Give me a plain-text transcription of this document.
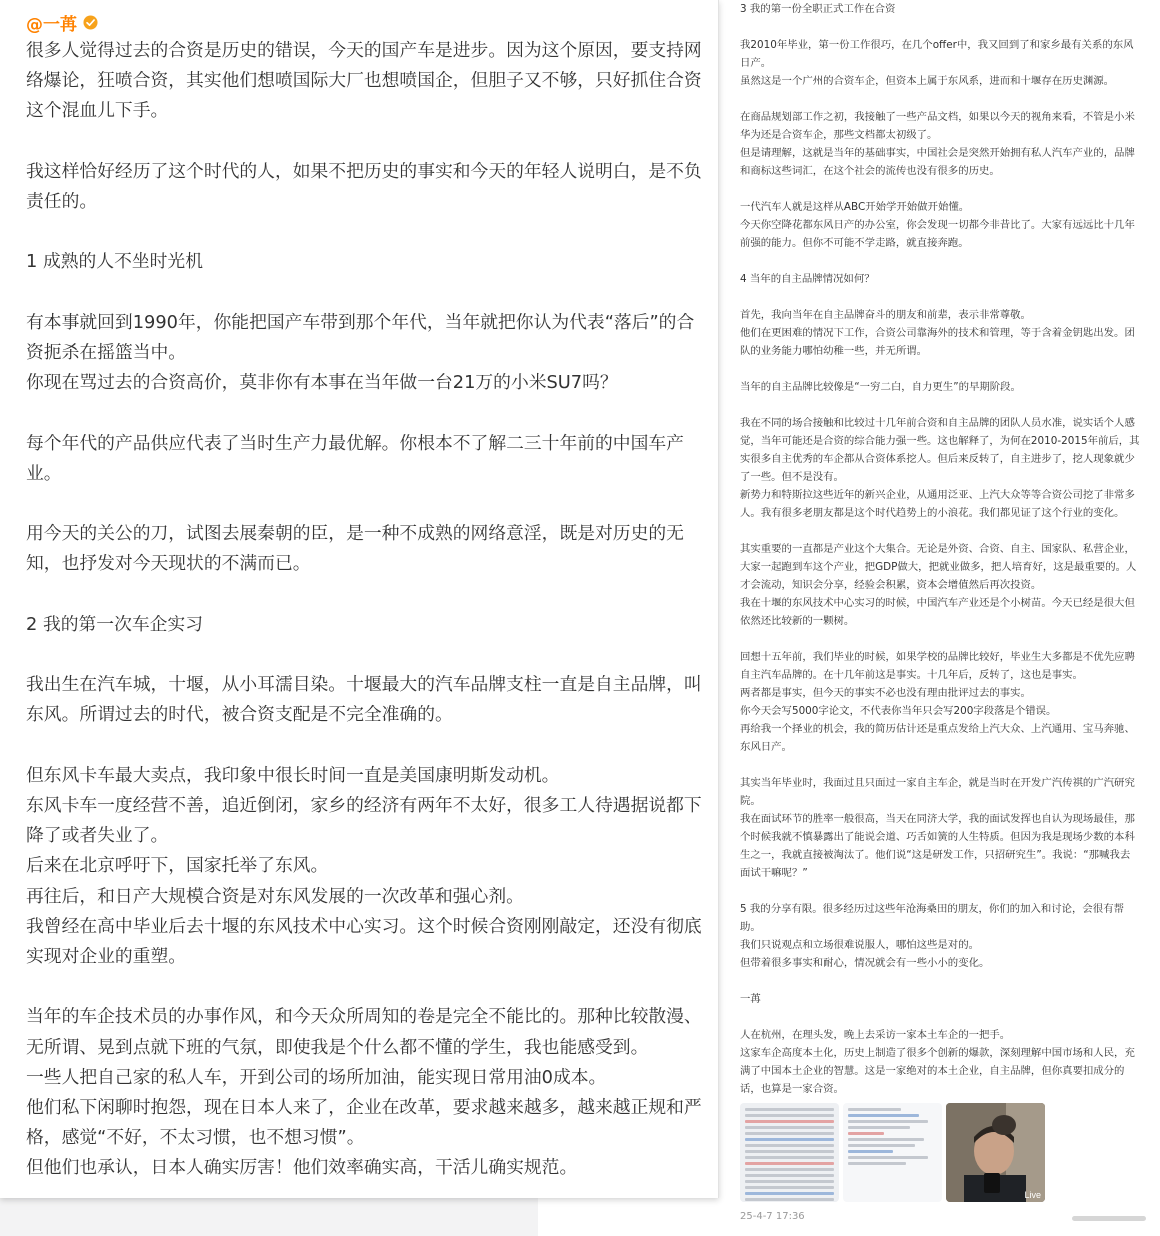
3 我的第一份全职正式工作在合资

我2010年毕业，第一份工作很巧，在几个offer中，我又回到了和家乡最有关系的东风日产。

虽然这是一个广州的合资车企，但资本上属于东风系，进而和十堰存在历史渊源。

在商品规划部工作之初，我接触了一些产品文档，如果以今天的视角来看，不管是小米华为还是合资车企，那些文档都太初级了。

但是请理解，这就是当年的基础事实，中国社会是突然开始拥有私人汽车产业的，品牌和商标这些词汇，在这个社会的流传也没有很多的历史。

一代汽车人就是这样从ABC开始学开始做开始懂。

今天你空降花都东风日产的办公室，你会发现一切都今非昔比了。大家有远远比十几年前强的能力。但你不可能不学走路，就直接奔跑。

4 当年的自主品牌情况如何？

首先，我向当年在自主品牌奋斗的朋友和前辈，表示非常尊敬。

他们在更困难的情况下工作，合资公司靠海外的技术和管理，等于含着金钥匙出发。团队的业务能力哪怕幼稚一些，并无所谓。

当年的自主品牌比较像是“一穷二白，自力更生”的早期阶段。

我在不同的场合接触和比较过十几年前合资和自主品牌的团队人员水准，说实话个人感觉，当年可能还是合资的综合能力强一些。这也解释了，为何在2010-2015年前后，其实很多自主优秀的车企都从合资体系挖人。但后来反转了，自主进步了，挖人现象就少了一些。但不是没有。

新势力和特斯拉这些近年的新兴企业，从通用泛亚、上汽大众等等合资公司挖了非常多人。我有很多老朋友都是这个时代趋势上的小浪花。我们都见证了这个行业的变化。

其实重要的一直都是产业这个大集合。无论是外资、合资、自主、国家队、私营企业，大家一起跑到车这个产业，把GDP做大，把就业做多，把人培育好，这是最重要的。人才会流动，知识会分享，经验会积累，资本会增值然后再次投资。

我在十堰的东风技术中心实习的时候，中国汽车产业还是个小树苗。今天已经是很大但依然还比较新的一颗树。

回想十五年前，我们毕业的时候，如果学校的品牌比较好，毕业生大多都是不优先应聘自主汽车品牌的。在十几年前这是事实。十几年后，反转了，这也是事实。

两者都是事实，但今天的事实不必也没有理由批评过去的事实。

你今天会写5000字论文，不代表你当年只会写200字段落是个错误。

再给我一个择业的机会，我的简历估计还是重点发给上汽大众、上汽通用、宝马奔驰、东风日产。

其实当年毕业时，我面过且只面过一家自主车企，就是当时在开发广汽传祺的广汽研究院。

我在面试环节的胜率一般很高，当天在同济大学，我的面试发挥也自认为现场最佳，那个时候我就不慎暴露出了能说会道、巧舌如簧的人生特质。但因为我是现场少数的本科生之一，我就直接被淘汰了。他们说“这是研发工作，只招研究生”。我说：“那喊我去面试干嘛呢？”

5 我的分享有限。很多经历过这些年沧海桑田的朋友，你们的加入和讨论，会很有帮助。

我们只说观点和立场很难说服人，哪怕这些是对的。

但带着很多事实和耐心，情况就会有一些小小的变化。

一苒

人在杭州，在理头发，晚上去采访一家本土车企的一把手。

这家车企高度本土化，历史上制造了很多个创新的爆款，深刻理解中国市场和人民，充满了中国本土企业的智慧。这是一家绝对的本土企业，自主品牌，但你真要扣成分的话，也算是一家合资。

Live
25-4-7 17:36
@一苒

很多人觉得过去的合资是历史的错误，今天的国产车是进步。因为这个原因，要支持网络爆论，狂喷合资，其实他们想喷国际大厂也想喷国企，但胆子又不够，只好抓住合资这个混血儿下手。

我这样恰好经历了这个时代的人，如果不把历史的事实和今天的年轻人说明白，是不负责任的。

1 成熟的人不坐时光机

有本事就回到1990年，你能把国产车带到那个年代，当年就把你认为代表“落后”的合资扼杀在摇篮当中。

你现在骂过去的合资高价，莫非你有本事在当年做一台21万的小米SU7吗？

每个年代的产品供应代表了当时生产力最优解。你根本不了解二三十年前的中国车产业。

用今天的关公的刀，试图去展秦朝的臣，是一种不成熟的网络意淫，既是对历史的无知，也抒发对今天现状的不满而已。

2 我的第一次车企实习

我出生在汽车城，十堰，从小耳濡目染。十堰最大的汽车品牌支柱一直是自主品牌，叫东风。所谓过去的时代，被合资支配是不完全准确的。

但东风卡车最大卖点，我印象中很长时间一直是美国康明斯发动机。

东风卡车一度经营不善，追近倒闭，家乡的经济有两年不太好，很多工人待遇据说都下降了或者失业了。

后来在北京呼吁下，国家托举了东风。

再往后，和日产大规模合资是对东风发展的一次改革和强心剂。

我曾经在高中毕业后去十堰的东风技术中心实习。这个时候合资刚刚敲定，还没有彻底实现对企业的重塑。

当年的车企技术员的办事作风，和今天众所周知的卷是完全不能比的。那种比较散漫、无所谓、晃到点就下班的气氛，即使我是个什么都不懂的学生，我也能感受到。

一些人把自己家的私人车，开到公司的场所加油，能实现日常用油0成本。

他们私下闲聊时抱怨，现在日本人来了，企业在改革，要求越来越多，越来越正规和严格，感觉“不好，不太习惯，也不想习惯”。

但他们也承认，日本人确实厉害！他们效率确实高，干活儿确实规范。
